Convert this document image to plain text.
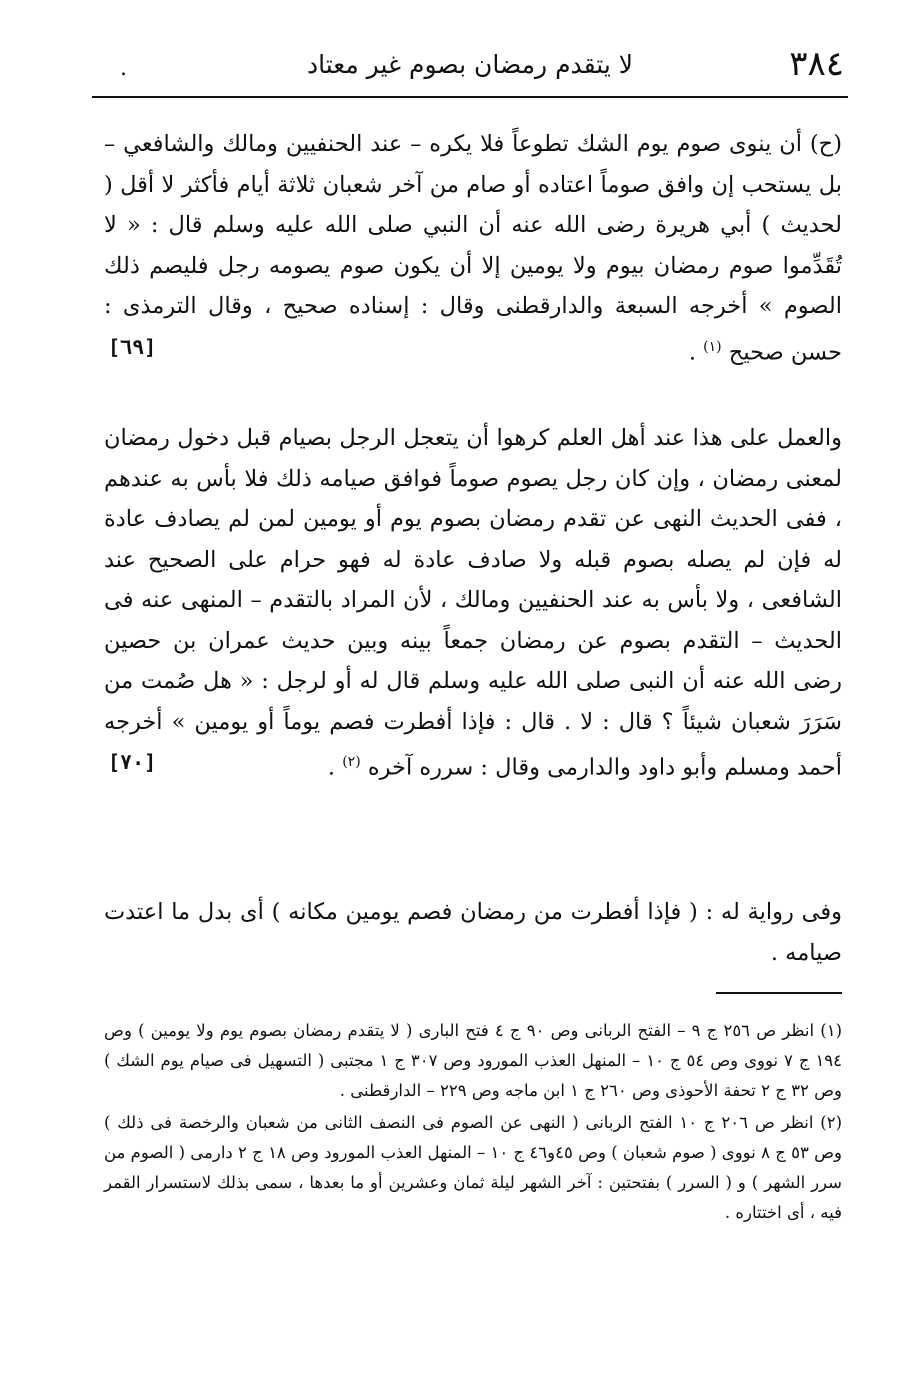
٣٨٤
لا يتقدم رمضان بصوم غير معتاد
.
(ح) أن ينوى صوم يوم الشك تطوعاً فلا يكره – عند الحنفيين ومالك والشافعي – بل يستحب إن وافق صوماً اعتاده أو صام من آخر شعبان ثلاثة أيام فأكثر لا أقل ( لحديث ) أبي هريرة رضى الله عنه أن النبي صلى الله عليه وسلم قال : « لا تُقَدِّموا صوم رمضان بيوم ولا يومين إلا أن يكون صوم يصومه رجل فليصم ذلك الصوم » أخرجه السبعة والدارقطنى وقال : إسناده صحيح ، وقال الترمذى : حسن صحيح $^{(١)}$ .
[٦٩]
والعمل على هذا عند أهل العلم كرهوا أن يتعجل الرجل بصيام قبل دخول رمضان لمعنى رمضان ، وإن كان رجل يصوم صوماً فوافق صيامه ذلك فلا بأس به عندهم ، ففى الحديث النهى عن تقدم رمضان بصوم يوم أو يومين لمن لم يصادف عادة له فإن لم يصله بصوم قبله ولا صادف عادة له فهو حرام على الصحيح عند الشافعى ، ولا بأس به عند الحنفيين ومالك ، لأن المراد بالتقدم – المنهى عنه فى الحديث – التقدم بصوم عن رمضان جمعاً بينه وبين حديث عمران بن حصين رضى الله عنه أن النبى صلى الله عليه وسلم قال له أو لرجل : « هل صُمت من سَرَرَ شعبان شيئاً ؟ قال : لا . قال : فإذا أفطرت فصم يوماً أو يومين » أخرجه أحمد ومسلم وأبو داود والدارمى وقال : سرره آخره $^{(٢)}$ .
[٧٠]
وفى رواية له : ( فإذا أفطرت من رمضان فصم يومين مكانه ) أى بدل ما اعتدت صيامه .
(١) انظر ص ٢٥٦ ج ٩ – الفتح الربانى وص ٩٠ ج ٤ فتح البارى ( لا يتقدم رمضان بصوم يوم ولا يومين ) وص ١٩٤ ج ٧ نووى وص ٥٤ ج ١٠ – المنهل العذب المورود وص ٣٠٧ ج ١ مجتبى ( التسهيل فى صيام يوم الشك ) وص ٣٢ ج ٢ تحفة الأحوذى وص ٢٦٠ ج ١ ابن ماجه وص ٢٢٩ – الدارقطنى .
(٢) انظر ص ٢٠٦ ج ١٠ الفتح الربانى ( النهى عن الصوم فى النصف الثانى من شعبان والرخصة فى ذلك ) وص ٥٣ ج ٨ نووى ( صوم شعبان ) وص ٤٥و٤٦ ج ١٠ – المنهل العذب المورود وص ١٨ ج ٢ دارمى ( الصوم من سرر الشهر ) و ( السرر ) بفتحتين : آخر الشهر ليلة ثمان وعشرين أو ما بعدها ، سمى بذلك لاستسرار القمر فيه ، أى اختتاره .
